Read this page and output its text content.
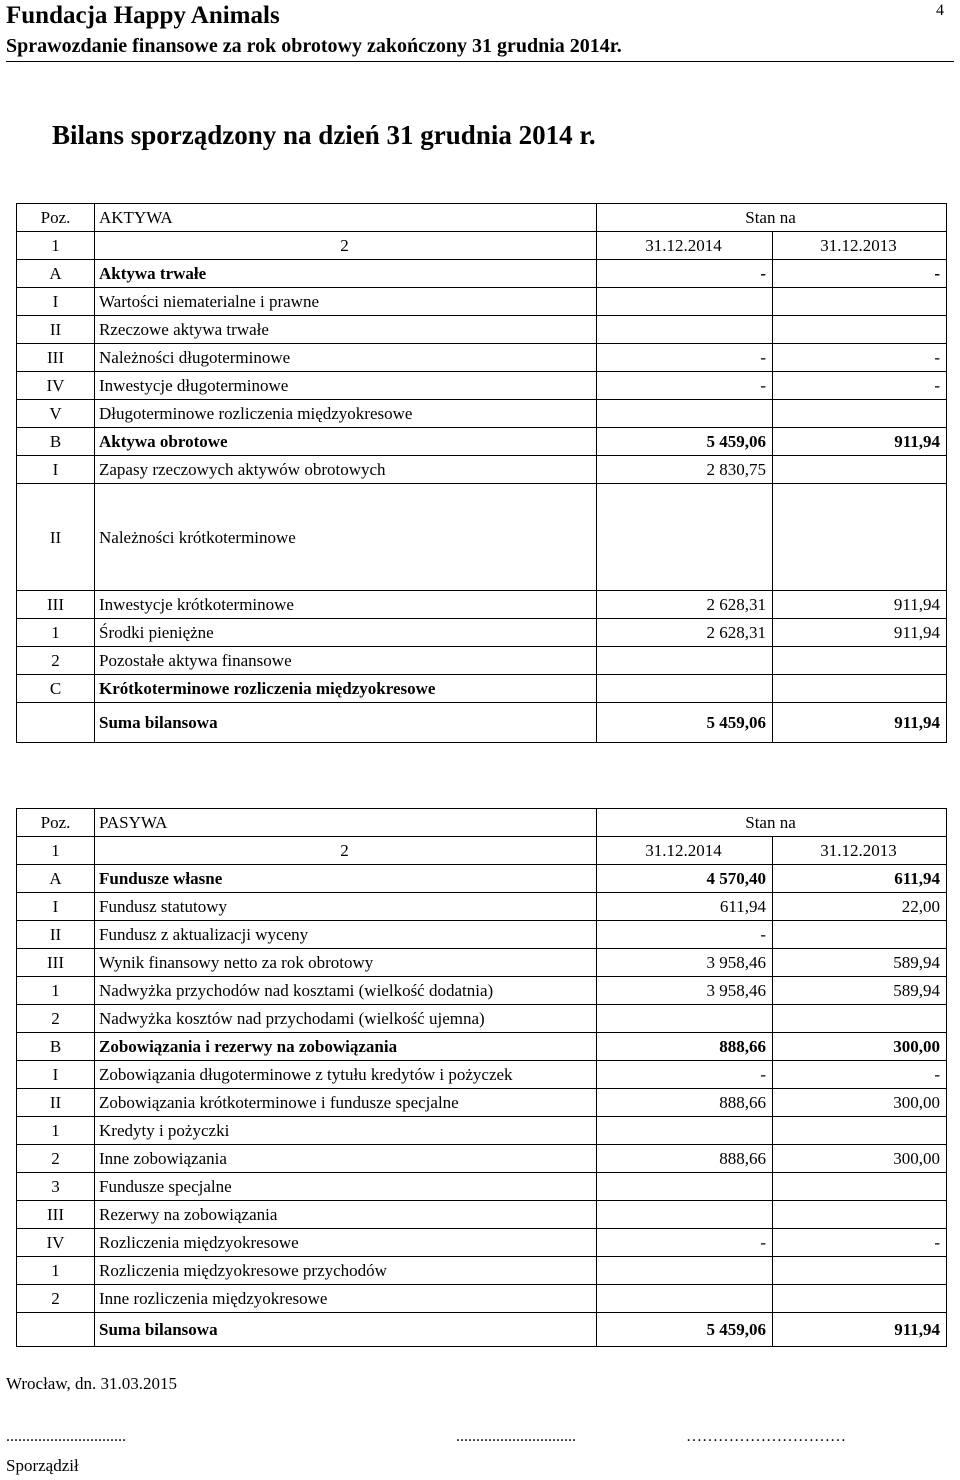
Fundacja Happy Animals
Sprawozdanie finansowe za rok obrotowy zakończony 31 grudnia 2014r.
4
Bilans sporządzony na dzień 31 grudnia 2014 r.
Poz.	AKTYWA	Stan na	
1	2	31.12.2014	31.12.2013
A	Aktywa trwałe	-	-
I	Wartości niematerialne i prawne		
II	Rzeczowe aktywa trwałe		
III	Należności długoterminowe	-	-
IV	Inwestycje długoterminowe	-	-
V	Długoterminowe rozliczenia międzyokresowe		
B	Aktywa obrotowe	5 459,06	911,94
I	Zapasy rzeczowych aktywów obrotowych	2 830,75	
II	Należności krótkoterminowe		
III	Inwestycje krótkoterminowe	2 628,31	911,94
1	Środki pieniężne	2 628,31	911,94
2	Pozostałe aktywa finansowe		
C	Krótkoterminowe rozliczenia międzyokresowe		
	Suma bilansowa	5 459,06	911,94
Poz.	PASYWA	Stan na	
1	2	31.12.2014	31.12.2013
A	Fundusze własne	4 570,40	611,94
I	Fundusz statutowy	611,94	22,00
II	Fundusz z aktualizacji wyceny	-	
III	Wynik finansowy netto za rok obrotowy	3 958,46	589,94
1	Nadwyżka przychodów nad kosztami (wielkość dodatnia)	3 958,46	589,94
2	Nadwyżka kosztów nad przychodami (wielkość ujemna)		
B	Zobowiązania i rezerwy na zobowiązania	888,66	300,00
I	Zobowiązania długoterminowe z tytułu kredytów i pożyczek	-	-
II	Zobowiązania krótkoterminowe i fundusze specjalne	888,66	300,00
1	Kredyty i pożyczki		
2	Inne zobowiązania	888,66	300,00
3	Fundusze specjalne		
III	Rezerwy na zobowiązania		
IV	Rozliczenia międzyokresowe	-	-
1	Rozliczenia międzyokresowe przychodów		
2	Inne rozliczenia międzyokresowe		
	Suma bilansowa	5 459,06	911,94
Wrocław, dn. 31.03.2015
..............................	..............................	…………………………
Sporządził
